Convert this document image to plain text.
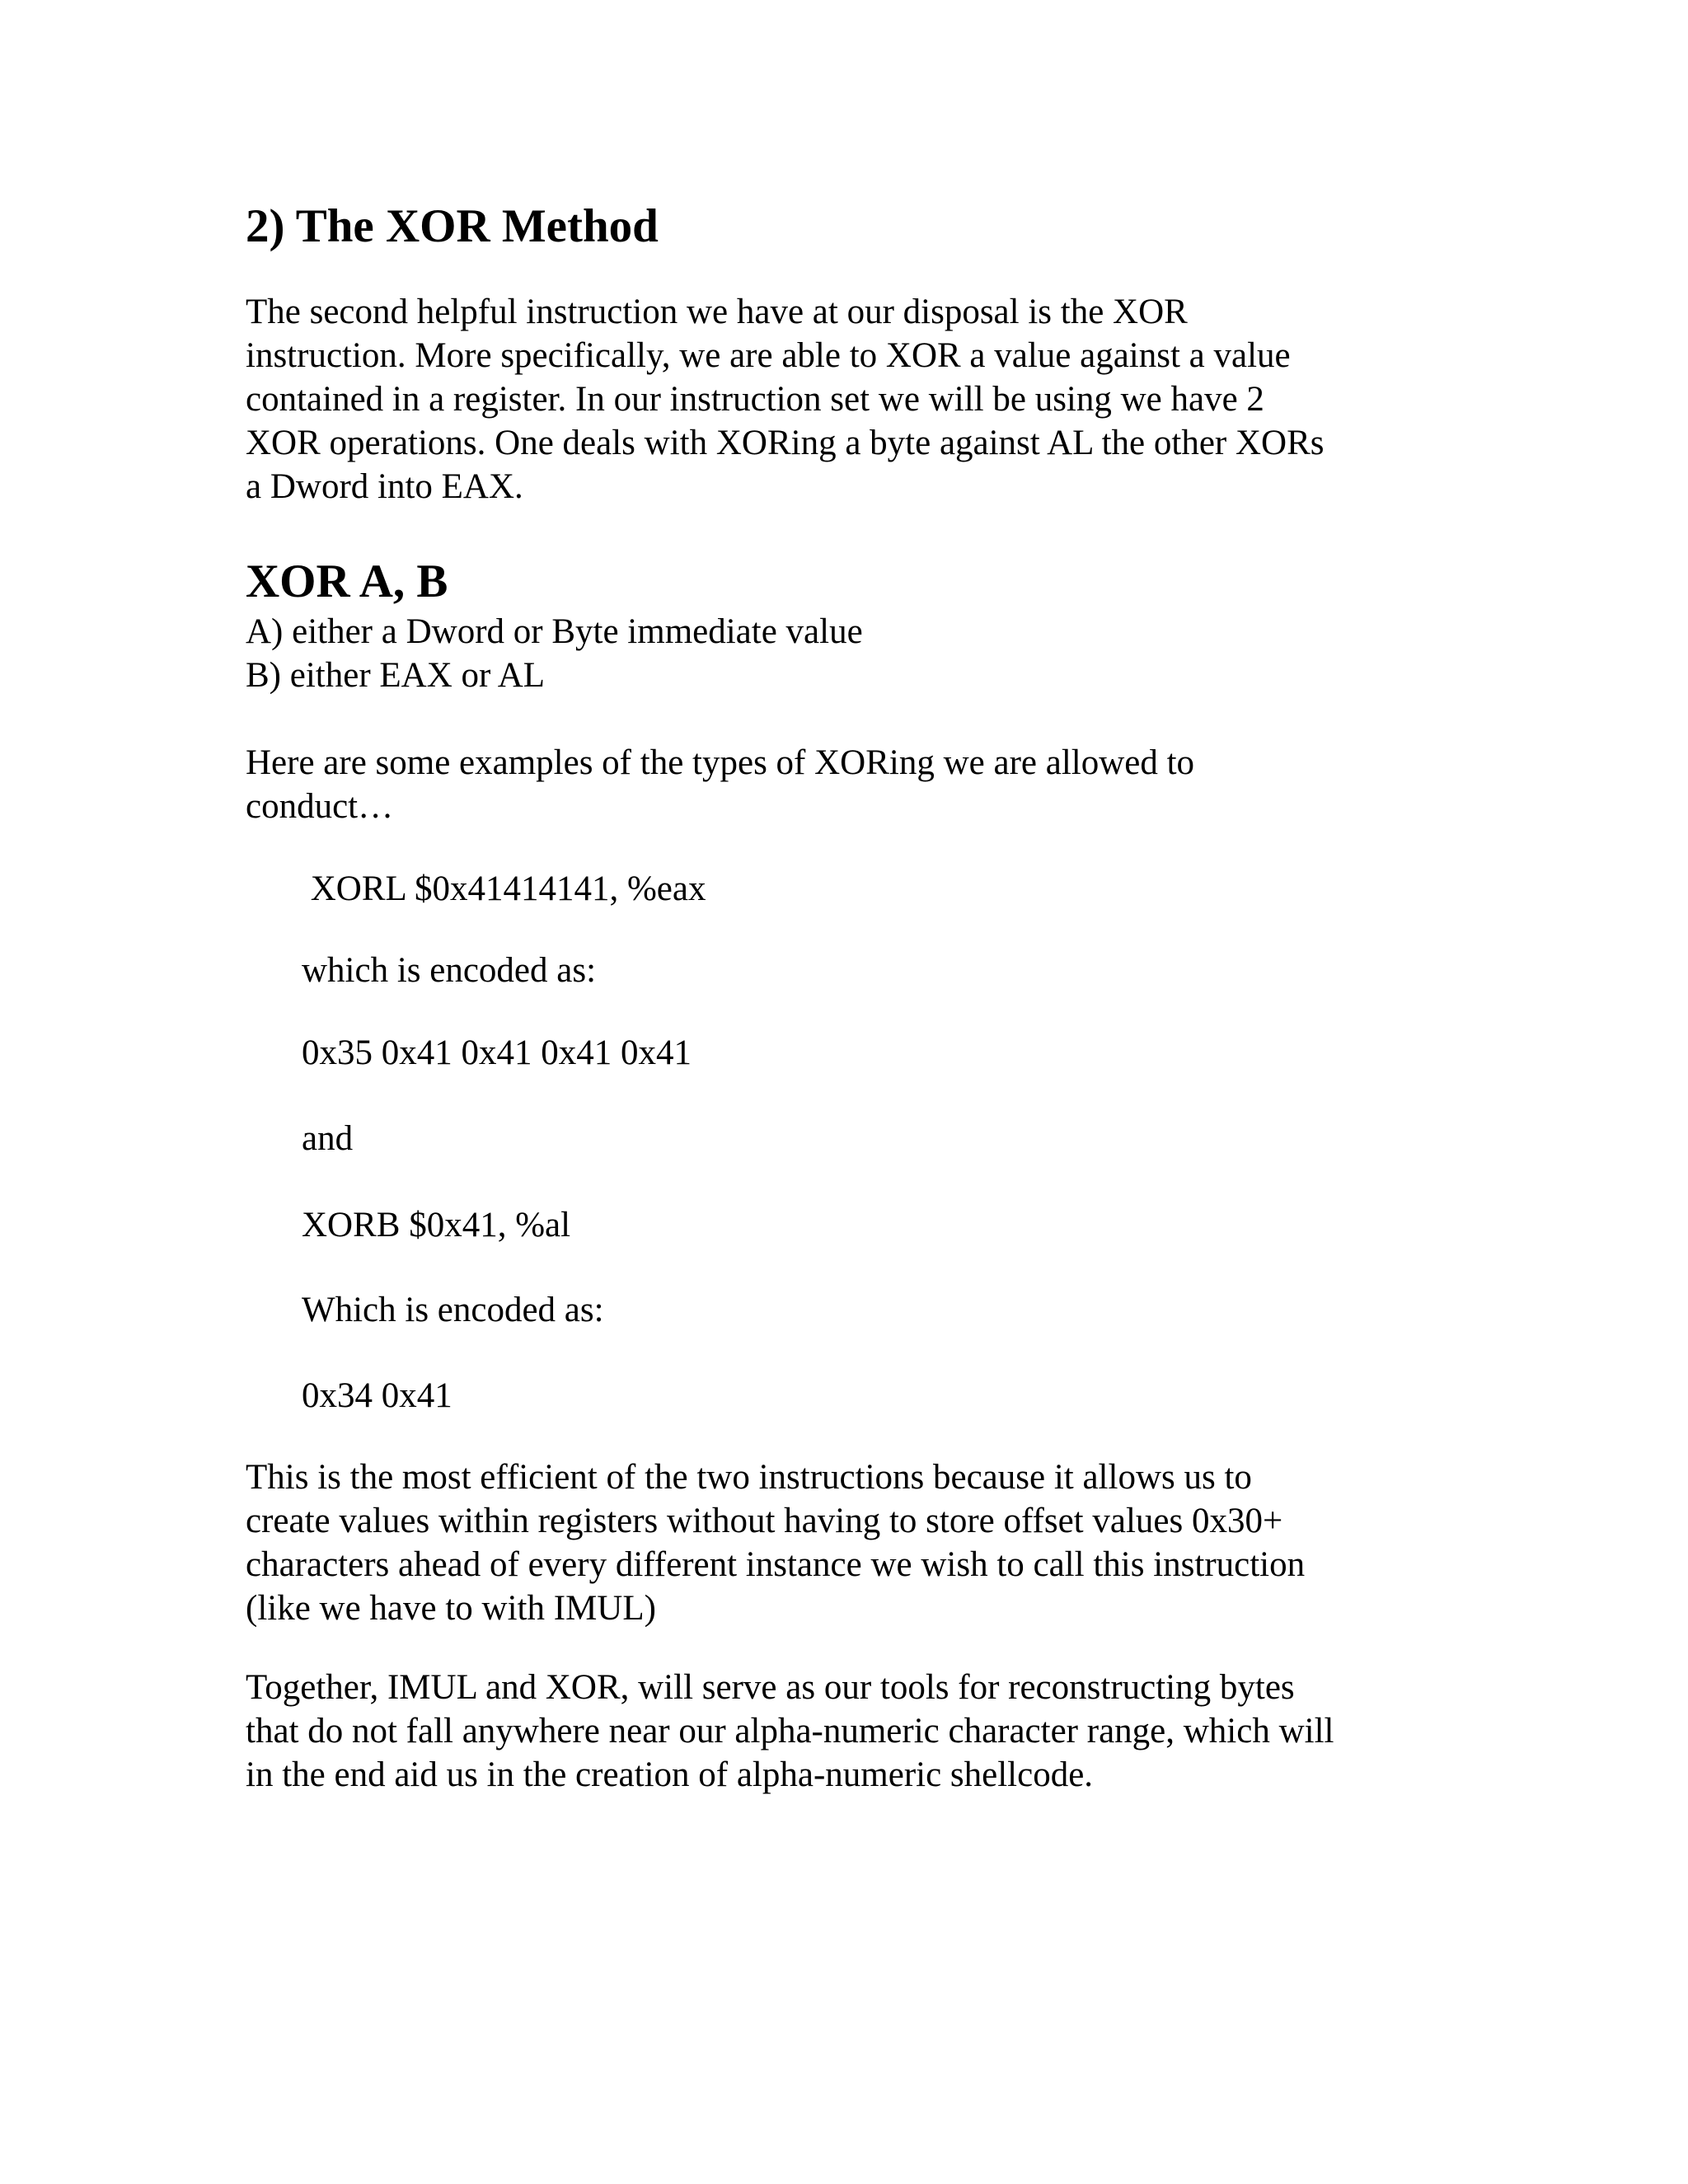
2) The XOR Method

The second helpful instruction we have at our disposal is the XOR
instruction. More specifically, we are able to XOR a value against a value
contained in a register. In our instruction set we will be using we have 2
XOR operations. One deals with XORing a byte against AL the other XORs
a Dword into EAX.

XOR A, B

A) either a Dword or Byte immediate value
B) either EAX or AL

Here are some examples of the types of XORing we are allowed to
conduct…

XORL $0x41414141, %eax

which is encoded as:

0x35 0x41 0x41 0x41 0x41

and

XORB $0x41, %al

Which is encoded as:

0x34 0x41

This is the most efficient of the two instructions because it allows us to
create values within registers without having to store offset values 0x30+
characters ahead of every different instance we wish to call this instruction
(like we have to with IMUL)

Together, IMUL and XOR, will serve as our tools for reconstructing bytes
that do not fall anywhere near our alpha-numeric character range, which will
in the end aid us in the creation of alpha-numeric shellcode.
